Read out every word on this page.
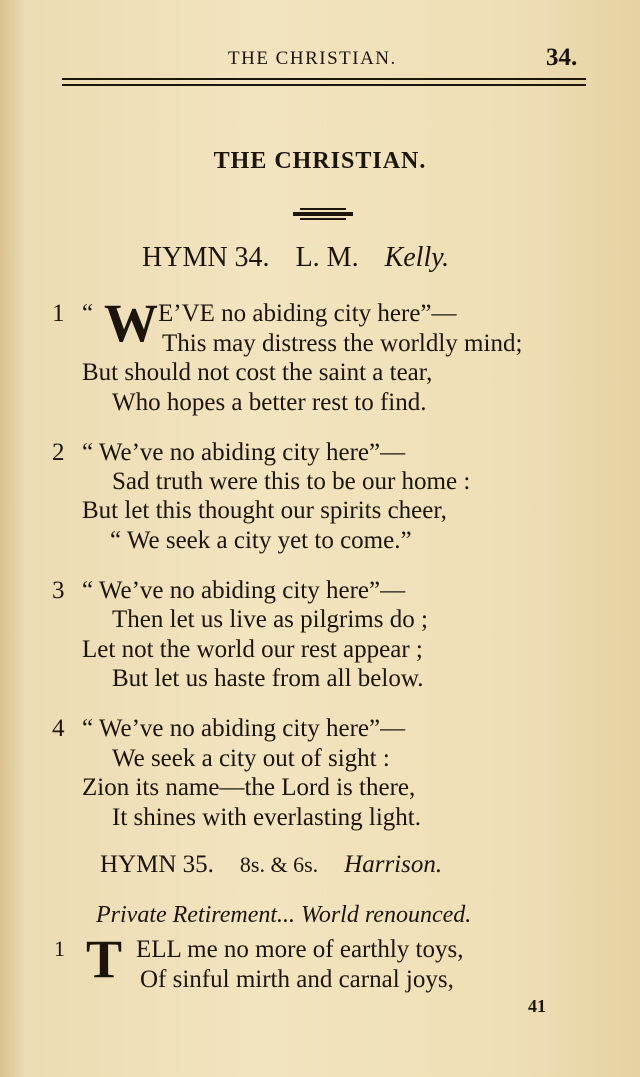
THE CHRISTIAN.	34.
THE CHRISTIAN.
HYMN 34. L. M. Kelly.
1 “ W E’VE no abiding city here”—
This may distress the worldly mind;
But should not cost the saint a tear,
Who hopes a better rest to find.
2 “ We’ve no abiding city here”—
Sad truth were this to be our home :
But let this thought our spirits cheer,
“ We seek a city yet to come.”
3 “ We’ve no abiding city here”—
Then let us live as pilgrims do ;
Let not the world our rest appear ;
But let us haste from all below.
4 “ We’ve no abiding city here”—
We seek a city out of sight :
Zion its name—the Lord is there,
It shines with everlasting light.
HYMN 35. 8s. & 6s. Harrison.
Private Retirement... World renounced.
1 T ELL me no more of earthly toys,
Of sinful mirth and carnal joys,
41
